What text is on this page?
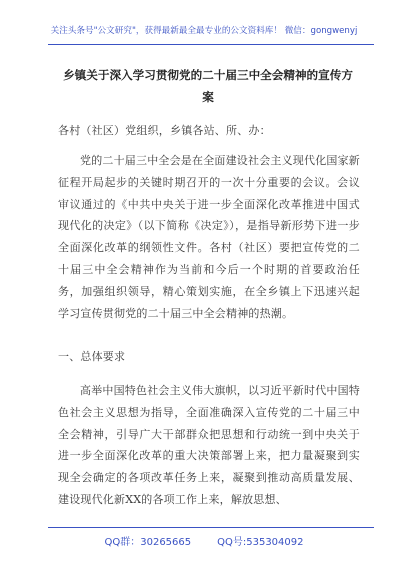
关注头条号"公文研究"，获得最新最全最专业的公文资料库！ 微信：gongwenyj
乡镇关于深入学习贯彻党的二十届三中全会精神的宣传方案
各村（社区）党组织，乡镇各站、所、办：
党的二十届三中全会是在全面建设社会主义现代化国家新征程开局起步的关键时期召开的一次十分重要的会议。会议审议通过的《中共中央关于进一步全面深化改革推进中国式现代化的决定》（以下简称《决定》），是指导新形势下进一步全面深化改革的纲领性文件。各村（社区）要把宣传党的二十届三中全会精神作为当前和今后一个时期的首要政治任务，加强组织领导，精心策划实施，在全乡镇上下迅速兴起学习宣传贯彻党的二十届三中全会精神的热潮。
一、总体要求
高举中国特色社会主义伟大旗帜，以习近平新时代中国特色社会主义思想为指导，全面准确深入宣传党的二十届三中全会精神，引导广大干部群众把思想和行动统一到中央关于进一步全面深化改革的重大决策部署上来，把力量凝聚到实现全会确定的各项改革任务上来，凝聚到推动高质量发展、建设现代化新XX的各项工作上来，解放思想、
QQ群：30265665	QQ号:535304092
